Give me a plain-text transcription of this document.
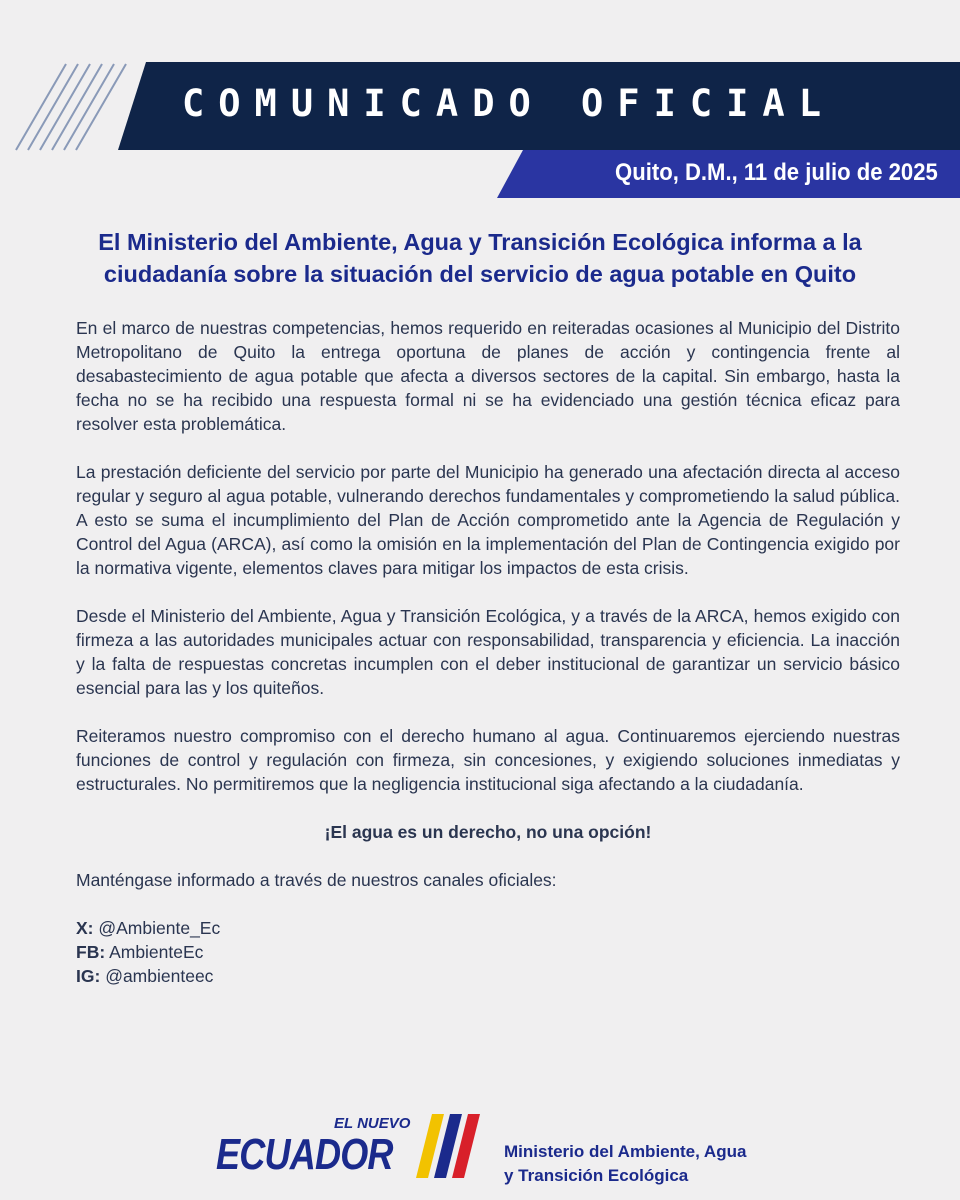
COMUNICADO OFICIAL
Quito, D.M., 11 de julio de 2025
El Ministerio del Ambiente, Agua y Transición Ecológica informa a la
ciudadanía sobre la situación del servicio de agua potable en Quito

En el marco de nuestras competencias, hemos requerido en reiteradas ocasiones al Municipio del Distrito Metropolitano de Quito la entrega oportuna de planes de acción y contingencia frente al desabastecimiento de agua potable que afecta a diversos sectores de la capital. Sin embargo, hasta la fecha no se ha recibido una respuesta formal ni se ha evidenciado una gestión técnica eficaz para resolver esta problemática.

La prestación deficiente del servicio por parte del Municipio ha generado una afectación directa al acceso regular y seguro al agua potable, vulnerando derechos fundamentales y comprometiendo la salud pública. A esto se suma el incumplimiento del Plan de Acción comprometido ante la Agencia de Regulación y Control del Agua (ARCA), así como la omisión en la implementación del Plan de Contingencia exigido por la normativa vigente, elementos claves para mitigar los impactos de esta crisis.

Desde el Ministerio del Ambiente, Agua y Transición Ecológica, y a través de la ARCA, hemos exigido con firmeza a las autoridades municipales actuar con responsabilidad, transparencia y eficiencia. La inacción y la falta de respuestas concretas incumplen con el deber institucional de garantizar un servicio básico esencial para las y los quiteños.

Reiteramos nuestro compromiso con el derecho humano al agua. Continuaremos ejerciendo nuestras funciones de control y regulación con firmeza, sin concesiones, y exigiendo soluciones inmediatas y estructurales. No permitiremos que la negligencia institucional siga afectando a la ciudadanía.

¡El agua es un derecho, no una opción!

Manténgase informado a través de nuestros canales oficiales:

X: @Ambiente_Ec

FB: AmbienteEc

IG: @ambienteec

EL NUEVO
ECUADOR	Ministerio del Ambiente, Agua
y Transición Ecológica
